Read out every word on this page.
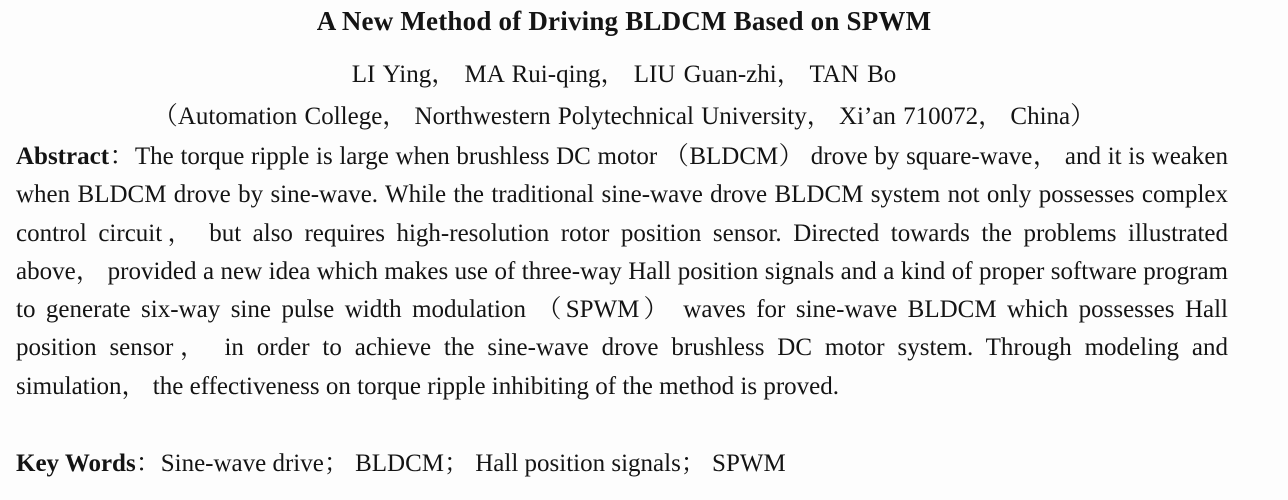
A New Method of Driving BLDCM Based on SPWM
LI Ying， MA Rui-qing， LIU Guan-zhi， TAN Bo
（Automation College， Northwestern Polytechnical University， Xi’an 710072， China）
Abstract：The torque ripple is large when brushless DC motor （BLDCM） drove by square-wave， and it is weaken when BLDCM drove by sine-wave. While the traditional sine-wave drove BLDCM system not only possesses complex control circuit， but also requires high-resolution rotor position sensor. Directed towards the problems illustrated above， provided a new idea which makes use of three-way Hall position signals and a kind of proper software program to generate six-way sine pulse width modulation （SPWM） waves for sine-wave BLDCM which possesses Hall position sensor， in order to achieve the sine-wave drove brushless DC motor system. Through modeling and simulation， the effectiveness on torque ripple inhibiting of the method is proved.
Key Words：Sine-wave drive； BLDCM； Hall position signals； SPWM
